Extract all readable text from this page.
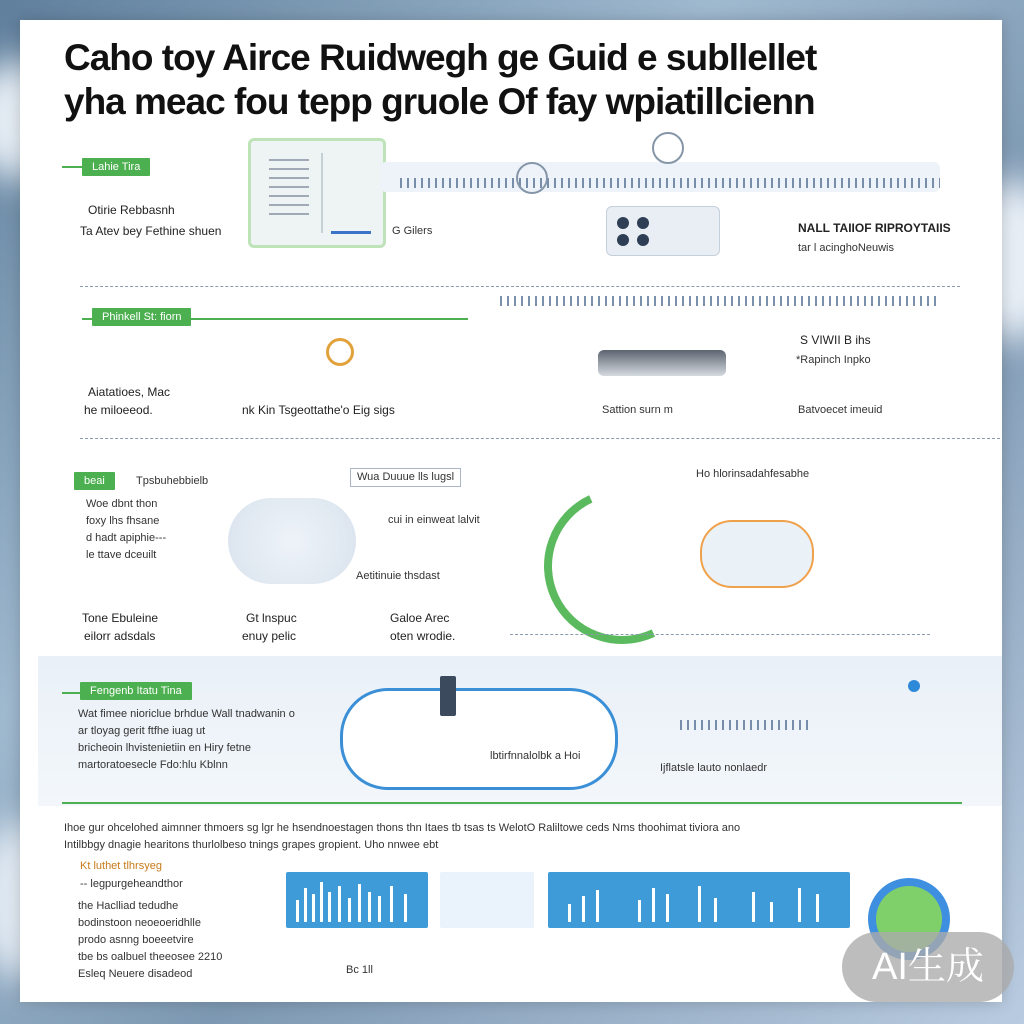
Caho toy Airce Ruidwegh ge Guid e subllellet
yha meac fou tepp gruole Of fay wpiatillcienn
Lahie Tira
Otirie Rebbasnh
Ta Atev bey Fethine shuen	G Gilers	NALL TAIIOF RIPROYTAIIS
tar l acinghoNeuwis
Phinkell St: fiorn
Aiatatioes, Mac
he miloeeod.	nk Kin Tsgeottathe'o Eig sigs
S VIWII B ihs
*Rapinch Inpko
Sattion surn m	Batvoecet imeuid
beai	Tpsbuhebbielb
Woe dbnt thon
foxy lhs fhsane
d hadt apiphie---
le ttave dceuilt
Wua Duuue lls lugsl
cui in einweat lalvit
Aetitinuie thsdast
Ho hlorinsadahfesabhe
Tone Ebuleine
eilorr adsdals
Gt lnspuc
enuy pelic
Galoe Arec
oten wrodie.
Fengenb Itatu Tina
Wat fimee nioriclue brhdue Wall tnadwanin o
ar tloyag gerit ftfhe iuag ut
bricheoin lhvistenietiin en Hiry fetne
martoratoesecle Fdo:hlu Kblnn
lbtirfnnalolbk a Hoi
Ijflatsle lauto nonlaedr
Ihoe gur ohcelohed aimnner thmoers sg lgr he hsendnoestagen thons thn Itaes tb tsas ts WelotO Raliltowe ceds Nms thoohimat tiviora ano
Intilbbgy dnagie hearitons thurlolbeso tnings grapes gropient. Uho nnwee ebt
Kt luthet tlhrsyeg
-- legpurgeheandthor
the Haclliad tedudhe
bodinstoon neoeoeridhlle
prodo asnng boeeetvire
tbe bs oalbuel theeosee 2210
Esleq Neuere disadeod	Bc 1ll	AI生成
